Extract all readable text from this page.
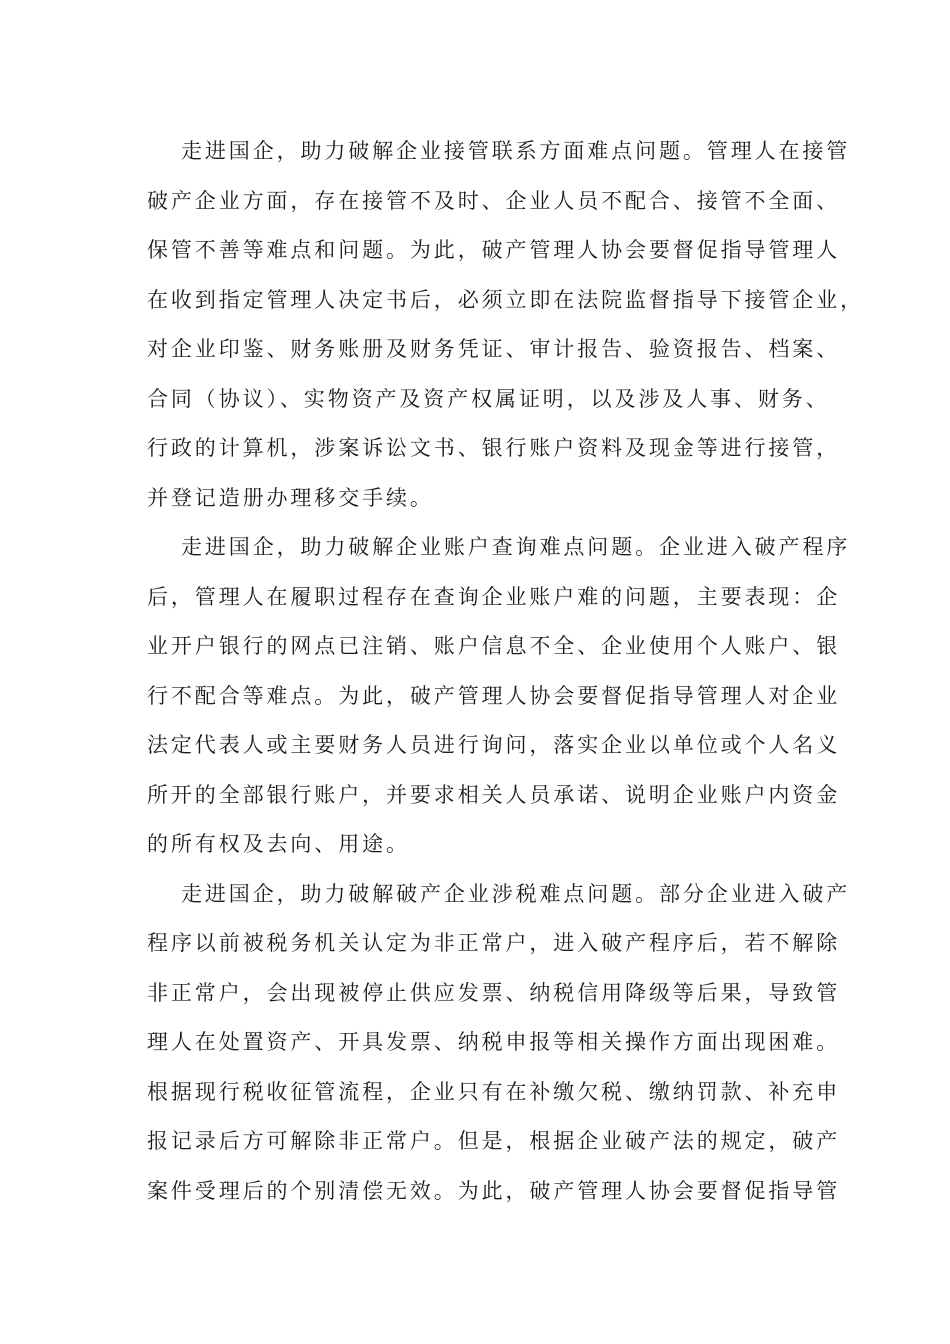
走进国企，助力破解企业接管联系方面难点问题。管理人在接管
破产企业方面，存在接管不及时、企业人员不配合、接管不全面、
保管不善等难点和问题。为此，破产管理人协会要督促指导管理人
在收到指定管理人决定书后，必须立即在法院监督指导下接管企业，
对企业印鉴、财务账册及财务凭证、审计报告、验资报告、档案、
合同（协议）、实物资产及资产权属证明，以及涉及人事、财务、
行政的计算机，涉案诉讼文书、银行账户资料及现金等进行接管，
并登记造册办理移交手续。
走进国企，助力破解企业账户查询难点问题。企业进入破产程序
后，管理人在履职过程存在查询企业账户难的问题，主要表现：企
业开户银行的网点已注销、账户信息不全、企业使用个人账户、银
行不配合等难点。为此，破产管理人协会要督促指导管理人对企业
法定代表人或主要财务人员进行询问，落实企业以单位或个人名义
所开的全部银行账户，并要求相关人员承诺、说明企业账户内资金
的所有权及去向、用途。
走进国企，助力破解破产企业涉税难点问题。部分企业进入破产
程序以前被税务机关认定为非正常户，进入破产程序后，若不解除
非正常户，会出现被停止供应发票、纳税信用降级等后果，导致管
理人在处置资产、开具发票、纳税申报等相关操作方面出现困难。
根据现行税收征管流程，企业只有在补缴欠税、缴纳罚款、补充申
报记录后方可解除非正常户。但是，根据企业破产法的规定，破产
案件受理后的个别清偿无效。为此，破产管理人协会要督促指导管
